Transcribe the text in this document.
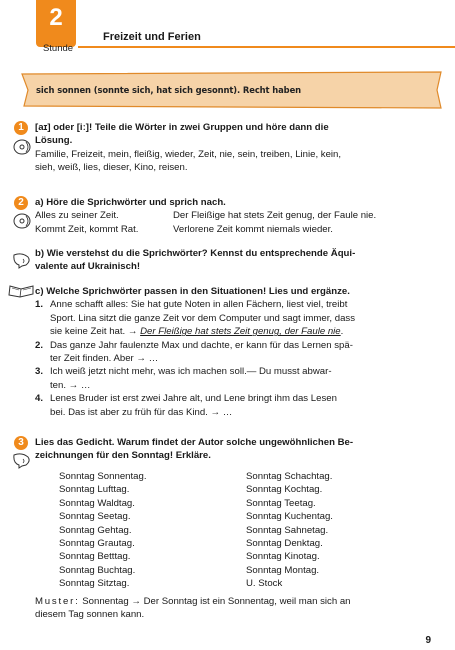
2
Stunde
Freizeit und Ferien
sich sonnen (sonnte sich, hat sich gesonnt). Recht haben
1	[aɪ] oder [iː]! Teile die Wörter in zwei Gruppen und höre dann die
Lösung.
Familie, Freizeit, mein, fleißig, wieder, Zeit, nie, sein, treiben, Linie, kein,
sieh, weiß, lies, dieser, Kino, reisen.
2	a) Höre die Sprichwörter und sprich nach.
Alles zu seiner Zeit.	Der Fleißige hat stets Zeit genug, der Faule nie.
Kommt Zeit, kommt Rat.	Verlorene Zeit kommt niemals wieder.
b) Wie verstehst du die Sprichwörter? Kennst du entsprechende Äqui-
valente auf Ukrainisch!
c) Welche Sprichwörter passen in den Situationen! Lies und ergänze.
1. Anne schafft alles: Sie hat gute Noten in allen Fächern, liest viel, treibt
Sport. Lina sitzt die ganze Zeit vor dem Computer und sagt immer, dass
sie keine Zeit hat. → Der Fleißige hat stets Zeit genug, der Faule nie.
2. Das ganze Jahr faulenzte Max und dachte, er kann für das Lernen spä-
ter Zeit finden. Aber → …
3. Ich weiß jetzt nicht mehr, was ich machen soll.— Du musst abwar-
ten. → …
4. Lenes Bruder ist erst zwei Jahre alt, und Lene bringt ihm das Lesen
bei. Das ist aber zu früh für das Kind. → …
3	Lies das Gedicht. Warum findet der Autor solche ungewöhnlichen Be-
zeichnungen für den Sonntag! Erkläre.
Sonntag Sonnentag.
Sonntag Lufttag.
Sonntag Waldtag.
Sonntag Seetag.
Sonntag Gehtag.
Sonntag Grautag.
Sonntag Betttag.
Sonntag Buchtag.
Sonntag Sitztag.
Sonntag Schachtag.
Sonntag Kochtag.
Sonntag Teetag.
Sonntag Kuchentag.
Sonntag Sahnetag.
Sonntag Denktag.
Sonntag Kinotag.
Sonntag Montag.
U. Stock
Muster: Sonnentag → Der Sonntag ist ein Sonnentag, weil man sich an
diesem Tag sonnen kann.
9
